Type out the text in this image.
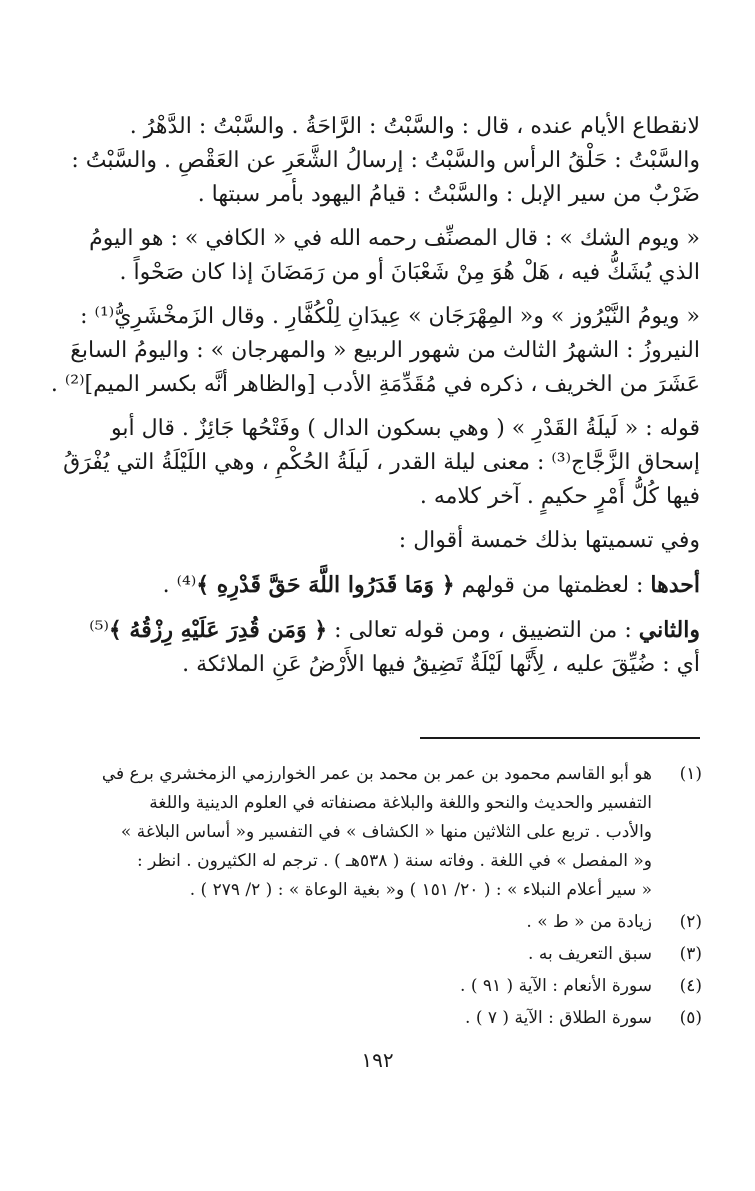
لانقطاع الأيام عنده ، قال : والسَّبْتُ : الرَّاحَةُ . والسَّبْتُ : الدَّهْرُ .
والسَّبْتُ : حَلْقُ الرأس والسَّبْتُ : إرسالُ الشَّعَرِ عن العَقْصِ . والسَّبْتُ :
ضَرْبٌ من سير الإبل : والسَّبْتُ : قيامُ اليهود بأمر سبتها .
« ويوم الشك » : قال المصنِّف رحمه الله في « الكافي » : هو اليومُ
الذي يُشَكُّ فيه ، هَلْ هُوَ مِنْ شَعْبَانَ أو من رَمَضَانَ إذا كان صَحْواً .
« ويومُ النَّيْرُوز » و« المِهْرَجَان » عِيدَانِ لِلْكُفَّارِ . وقال الزَمخْشَرِيُّ⁽¹⁾ :
النيروزُ : الشهرُ الثالث من شهور الربيع « والمهرجان » : واليومُ السابعَ
عَشَرَ من الخريف ، ذكره في مُقَدِّمَةِ الأدب [والظاهر أنَّه بكسر الميم]⁽²⁾ .
قوله : « لَيلَةُ القَدْرِ » ( وهي بسكون الدال ) وفَتْحُها جَائِزٌ . قال أبو
إسحاق الزَّجَّاج⁽³⁾ : معنى ليلة القدر ، لَيلَةُ الحُكْمِ ، وهي اللَيْلَةُ التي يُفْرَقُ
فيها كُلُّ أَمْرٍ حكيمٍ . آخر كلامه .
وفي تسميتها بذلك خمسة أقوال :
أحدها : لعظمتها من قولهم ﴿ وَمَا قَدَرُوا اللَّهَ حَقَّ قَدْرِهِ ﴾⁽⁴⁾ .
والثاني : من التضييق ، ومن قوله تعالى : ﴿ وَمَن قُدِرَ عَلَيْهِ رِزْقُهُ ﴾⁽⁵⁾
أي : ضُيِّقَ عليه ، لِأَنَّها لَيْلَةٌ تَضِيقُ فيها الأَرْضُ عَنِ الملائكة .
(١)
هو أبو القاسم محمود بن عمر بن محمد بن عمر الخوارزمي الزمخشري برع في
التفسير والحديث والنحو واللغة والبلاغة مصنفاته في العلوم الدينية واللغة
والأدب . تربع على الثلاثين منها « الكشاف » في التفسير و« أساس البلاغة »
و« المفصل » في اللغة . وفاته سنة ( ٥٣٨هـ ) . ترجم له الكثيرون . انظر :
« سير أعلام النبلاء » : ( ٢٠/ ١٥١ ) و« بغية الوعاة » : ( ٢/ ٢٧٩ ) .
(٢)
زيادة من « ط » .
(٣)
سبق التعريف به .
(٤)
سورة الأنعام : الآية ( ٩١ ) .
(٥)
سورة الطلاق : الآية ( ٧ ) .
١٩٢
